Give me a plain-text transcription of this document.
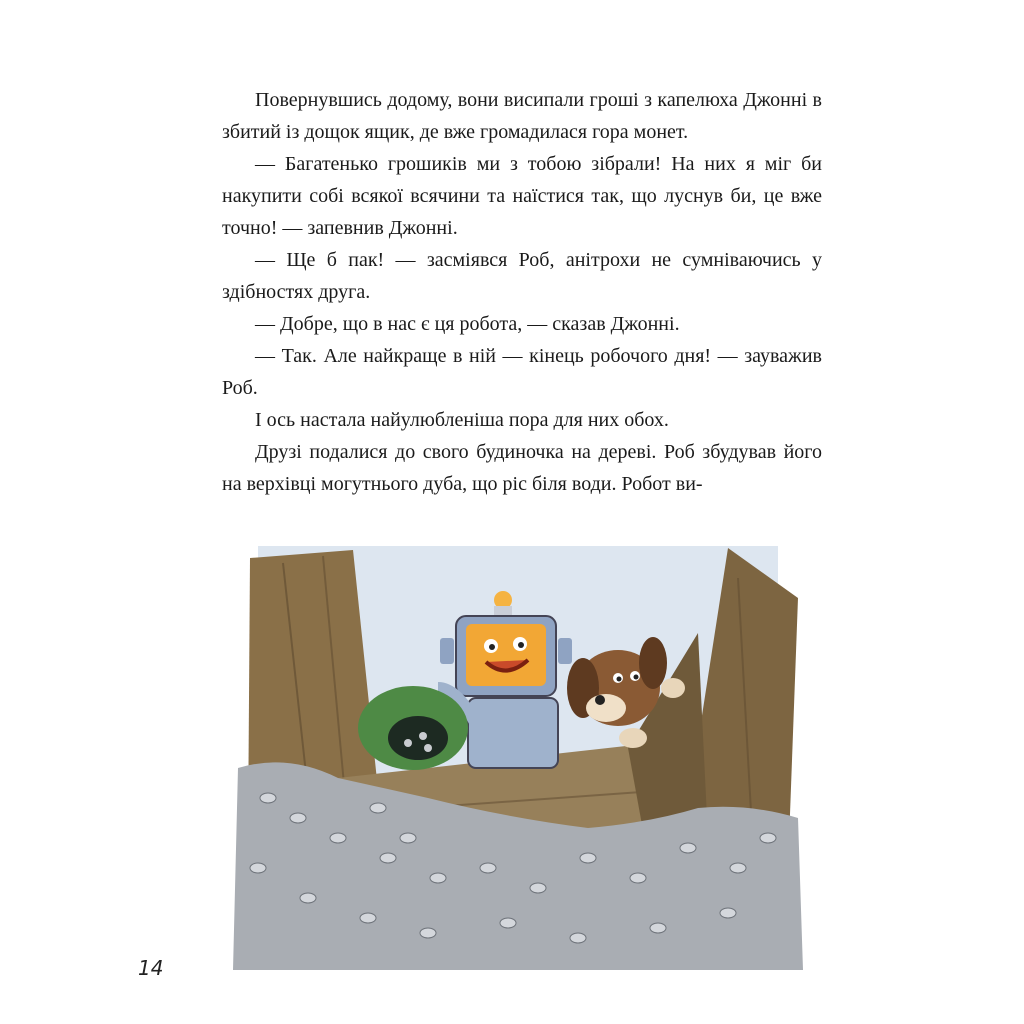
Повернувшись додому, вони висипали гроші з капелюха Джонні в збитий із дощок ящик, де вже громадилася гора монет.

— Багатенько грошиків ми з тобою зібрали! На них я міг би накупити собі всякої всячини та наїстися так, що луснув би, це вже точно! — запевнив Джонні.

— Ще б пак! — засміявся Роб, анітрохи не сумніваючись у здібностях друга.

— Добре, що в нас є ця робота, — сказав Джонні.

— Так. Але найкраще в ній — кінець робочого дня! — зауважив Роб.

І ось настала найулюбленіша пора для них обох.

Друзі подалися до свого будиночка на дереві. Роб збудував його на верхівці могутнього дуба, що ріс біля води. Робот ви-

14
